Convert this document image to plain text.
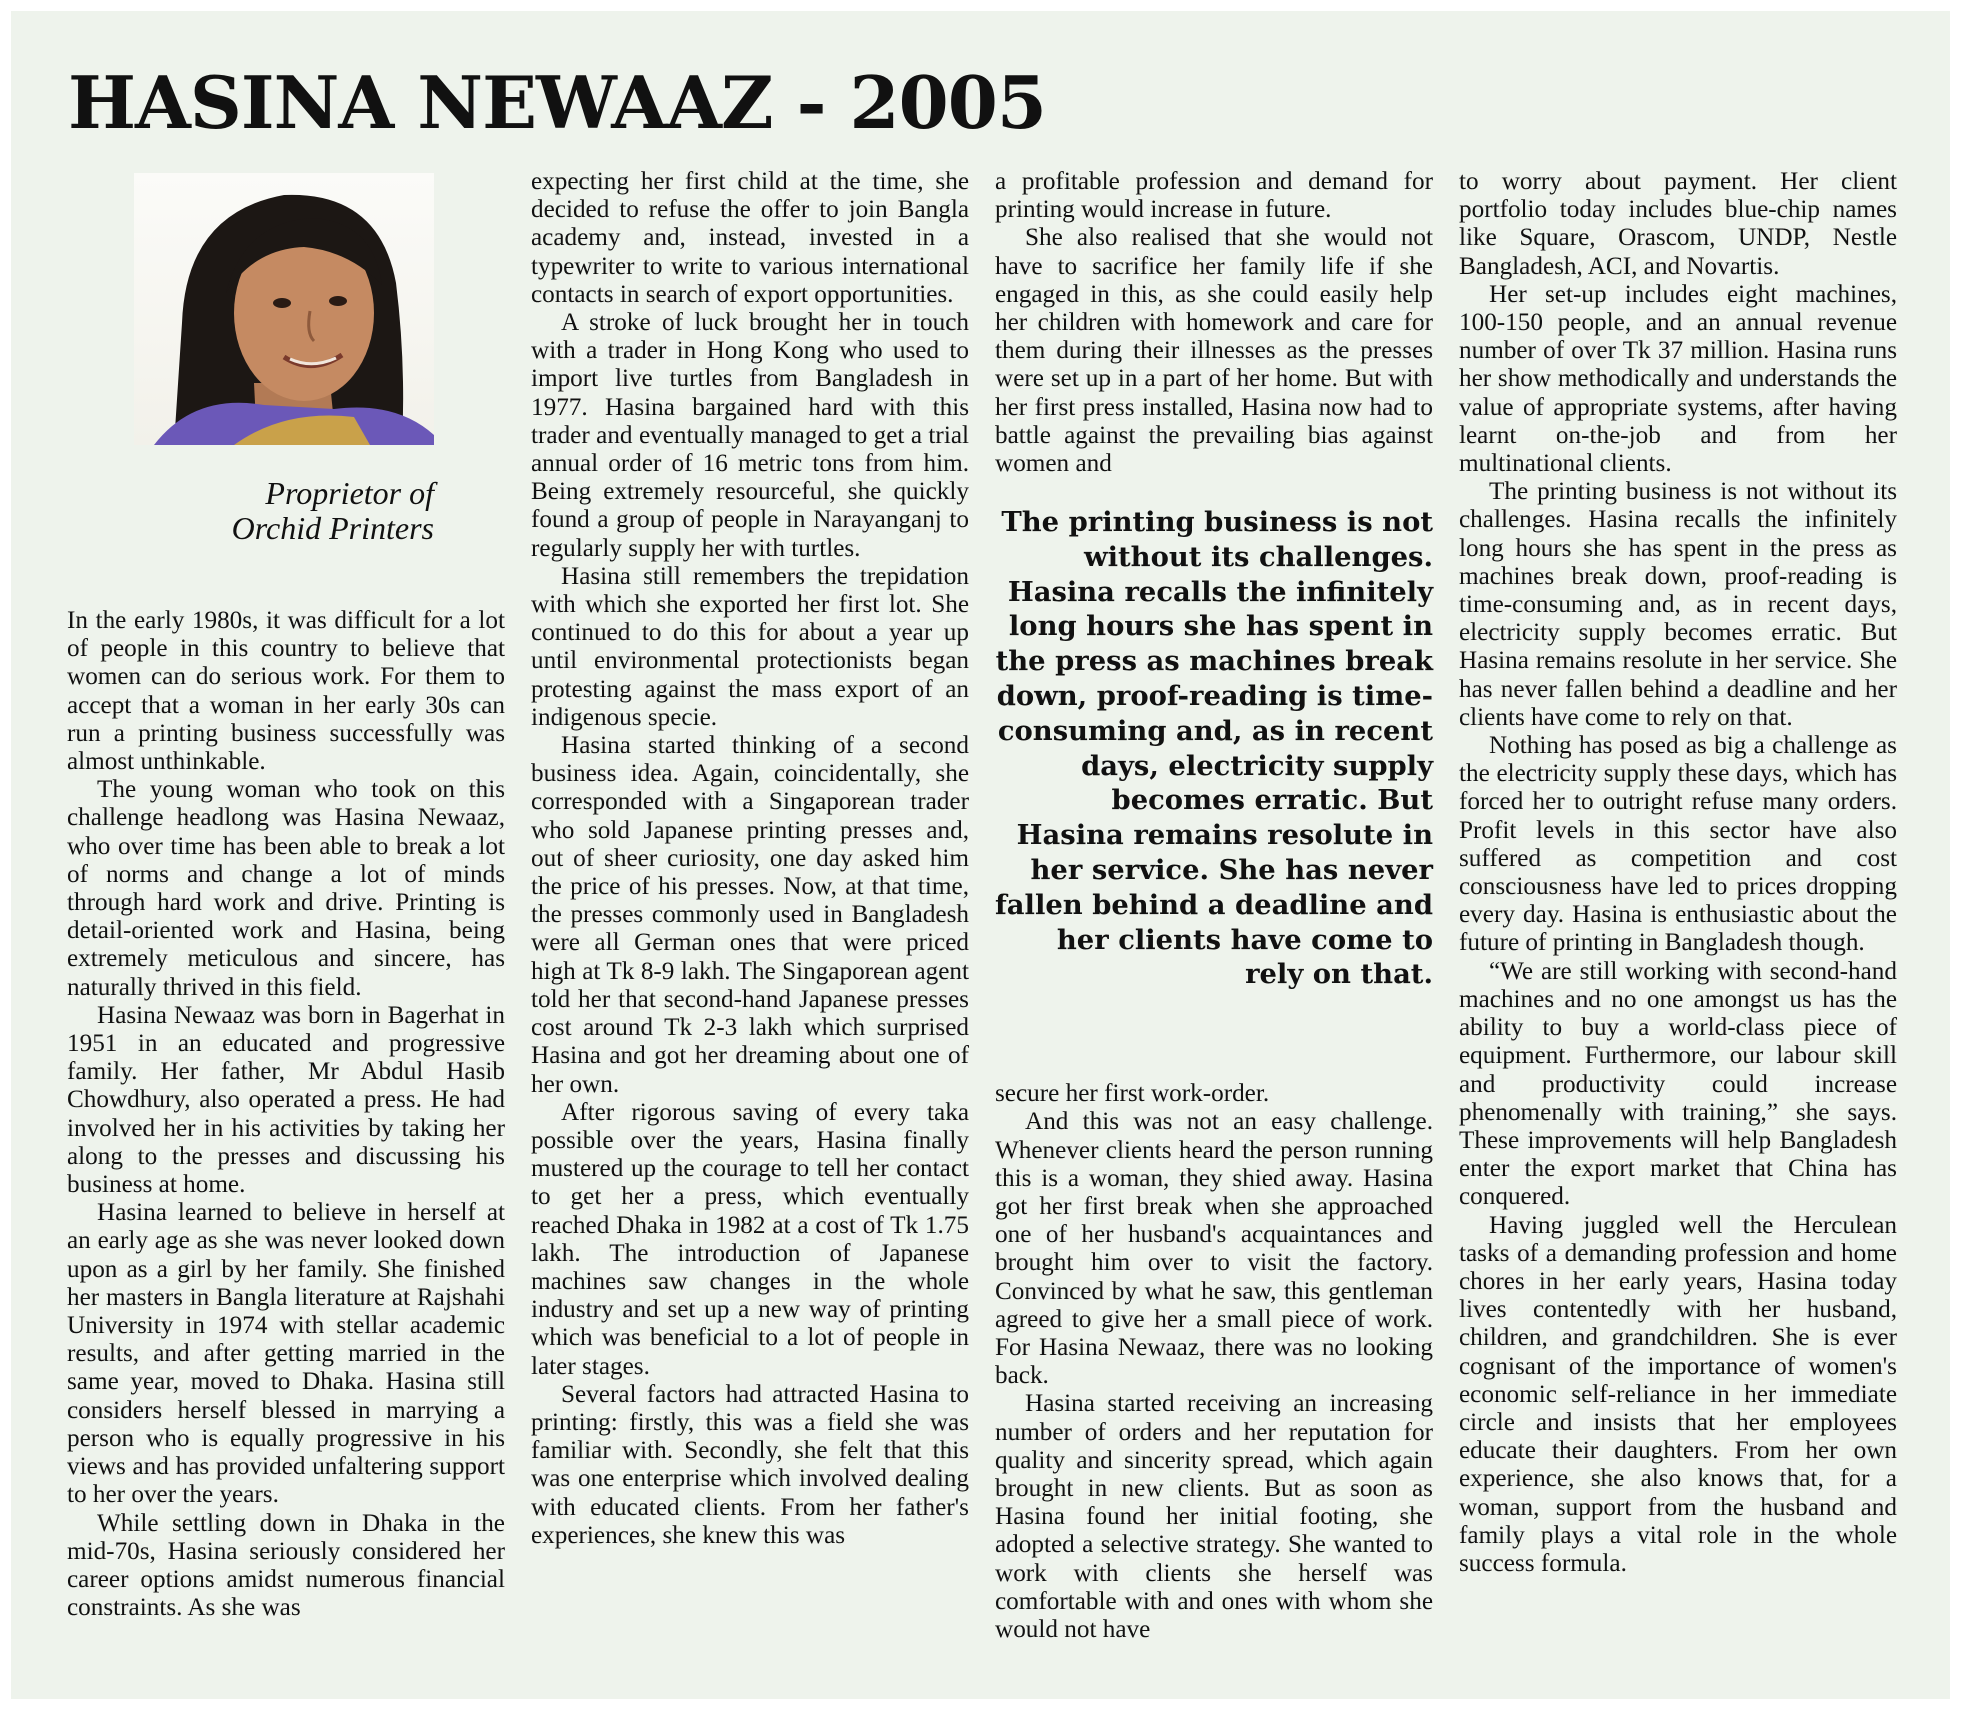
HASINA NEWAAZ - 2005

Proprietor of
Orchid Printers

In the early 1980s, it was difficult for a lot of people in this country to believe that women can do serious work. For them to accept that a woman in her early 30s can run a printing business successfully was almost unthinkable.

The young woman who took on this challenge headlong was Hasina Newaaz, who over time has been able to break a lot of norms and change a lot of minds through hard work and drive. Printing is detail-oriented work and Hasina, being extremely meticulous and sincere, has naturally thrived in this field.

Hasina Newaaz was born in Bagerhat in 1951 in an educated and progressive family. Her father, Mr Abdul Hasib Chowdhury, also operated a press. He had involved her in his activities by taking her along to the presses and discussing his business at home.

Hasina learned to believe in herself at an early age as she was never looked down upon as a girl by her family. She finished her masters in Bangla literature at Rajshahi University in 1974 with stellar academic results, and after getting married in the same year, moved to Dhaka. Hasina still considers herself blessed in marrying a person who is equally progressive in his views and has provided unfaltering support to her over the years.

While settling down in Dhaka in the mid-70s, Hasina seriously considered her career options amidst numerous financial constraints. As she was

expecting her first child at the time, she decided to refuse the offer to join Bangla academy and, instead, invested in a typewriter to write to various international contacts in search of export opportunities.

A stroke of luck brought her in touch with a trader in Hong Kong who used to import live turtles from Bangladesh in 1977. Hasina bargained hard with this trader and eventually managed to get a trial annual order of 16 metric tons from him. Being extremely resourceful, she quickly found a group of people in Narayanganj to regularly supply her with turtles.

Hasina still remembers the trepidation with which she exported her first lot. She continued to do this for about a year up until environmental protectionists began protesting against the mass export of an indigenous specie.

Hasina started thinking of a second business idea. Again, coincidentally, she corresponded with a Singaporean trader who sold Japanese printing presses and, out of sheer curiosity, one day asked him the price of his presses. Now, at that time, the presses commonly used in Bangladesh were all German ones that were priced high at Tk 8-9 lakh. The Singaporean agent told her that second-hand Japanese presses cost around Tk 2-3 lakh which surprised Hasina and got her dreaming about one of her own.

After rigorous saving of every taka possible over the years, Hasina finally mustered up the courage to tell her contact to get her a press, which eventually reached Dhaka in 1982 at a cost of Tk 1.75 lakh. The introduction of Japanese machines saw changes in the whole industry and set up a new way of printing which was beneficial to a lot of people in later stages.

Several factors had attracted Hasina to printing: firstly, this was a field she was familiar with. Secondly, she felt that this was one enterprise which involved dealing with educated clients. From her father's experiences, she knew this was

a profitable profession and demand for printing would increase in future.

She also realised that she would not have to sacrifice her family life if she engaged in this, as she could easily help her children with homework and care for them during their illnesses as the presses were set up in a part of her home. But with her first press installed, Hasina now had to battle against the prevailing bias against women and

secure her first work-order.

And this was not an easy challenge. Whenever clients heard the person running this is a woman, they shied away. Hasina got her first break when she approached one of her husband's acquaintances and brought him over to visit the factory. Convinced by what he saw, this gentleman agreed to give her a small piece of work. For Hasina Newaaz, there was no looking back.

Hasina started receiving an increasing number of orders and her reputation for quality and sincerity spread, which again brought in new clients. But as soon as Hasina found her initial footing, she adopted a selective strategy. She wanted to work with clients she herself was comfortable with and ones with whom she would not have

The printing business is not without its challenges. Hasina recalls the infinitely long hours she has spent in the press as machines break down, proof-reading is time-consuming and, as in recent days, electricity supply becomes erratic. But Hasina remains resolute in her service. She has never fallen behind a deadline and her clients have come to rely on that.

to worry about payment. Her client portfolio today includes blue-chip names like Square, Orascom, UNDP, Nestle Bangladesh, ACI, and Novartis.

Her set-up includes eight machines, 100-150 people, and an annual revenue number of over Tk 37 million. Hasina runs her show methodically and understands the value of appropriate systems, after having learnt on-the-job and from her multinational clients.

The printing business is not without its challenges. Hasina recalls the infinitely long hours she has spent in the press as machines break down, proof-reading is time-consuming and, as in recent days, electricity supply becomes erratic. But Hasina remains resolute in her service. She has never fallen behind a deadline and her clients have come to rely on that.

Nothing has posed as big a challenge as the electricity supply these days, which has forced her to outright refuse many orders. Profit levels in this sector have also suffered as competition and cost consciousness have led to prices dropping every day. Hasina is enthusiastic about the future of printing in Bangladesh though.

“We are still working with second-hand machines and no one amongst us has the ability to buy a world-class piece of equipment. Furthermore, our labour skill and productivity could increase phenomenally with training,” she says. These improvements will help Bangladesh enter the export market that China has conquered.

Having juggled well the Herculean tasks of a demanding profession and home chores in her early years, Hasina today lives contentedly with her husband, children, and grandchildren. She is ever cognisant of the importance of women's economic self-reliance in her immediate circle and insists that her employees educate their daughters. From her own experience, she also knows that, for a woman, support from the husband and family plays a vital role in the whole success formula.
